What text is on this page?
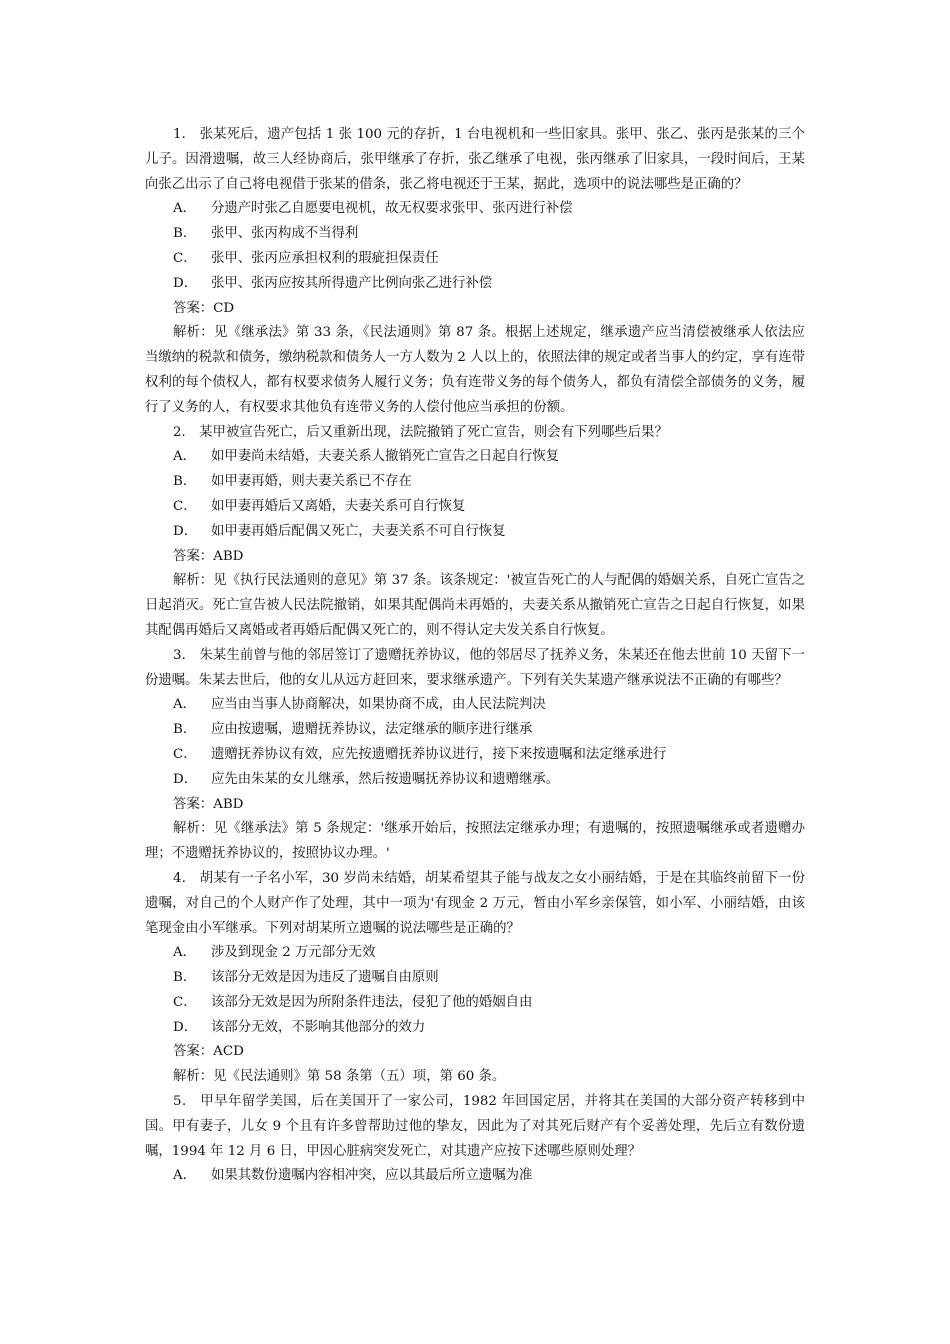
1． 张某死后，遗产包括 1 张 100 元的存折，1 台电视机和一些旧家具。张甲、张乙、张丙是张某的三个儿子。因滑遗嘱，故三人经协商后，张甲继承了存折，张乙继承了电视，张丙继承了旧家具，一段时间后，王某向张乙出示了自己将电视借于张某的借条，张乙将电视还于王某，据此，选项中的说法哪些是正确的？

A．	分遗产时张乙自愿要电视机，故无权要求张甲、张丙进行补偿
B．	张甲、张丙构成不当得利
C．	张甲、张丙应承担权利的瑕疵担保责任
D．	张甲、张丙应按其所得遗产比例向张乙进行补偿
答案：CD

解析：见《继承法》第 33 条，《民法通则》第 87 条。根据上述规定，继承遗产应当清偿被继承人依法应当缴纳的税款和债务，缴纳税款和债务人一方人数为 2 人以上的，依照法律的规定或者当事人的约定，享有连带权利的每个债权人，都有权要求债务人履行义务；负有连带义务的每个债务人，都负有清偿全部债务的义务，履行了义务的人，有权要求其他负有连带义务的人偿付他应当承担的份额。

2． 某甲被宣告死亡，后又重新出现，法院撤销了死亡宣告，则会有下列哪些后果？

A．	如甲妻尚未结婚，夫妻关系人撤销死亡宣告之日起自行恢复
B．	如甲妻再婚，则夫妻关系已不存在
C．	如甲妻再婚后又离婚，夫妻关系可自行恢复
D．	如甲妻再婚后配偶又死亡，夫妻关系不可自行恢复
答案：ABD

解析：见《执行民法通则的意见》第 37 条。该条规定：'被宣告死亡的人与配偶的婚姻关系，自死亡宣告之日起消灭。死亡宣告被人民法院撤销，如果其配偶尚未再婚的，夫妻关系从撤销死亡宣告之日起自行恢复，如果其配偶再婚后又离婚或者再婚后配偶又死亡的，则不得认定夫发关系自行恢复。

3． 朱某生前曾与他的邻居签订了遗赠抚养协议，他的邻居尽了抚养义务，朱某还在他去世前 10 天留下一份遗嘱。朱某去世后，他的女儿从远方赶回来，要求继承遗产。下列有关失某遗产继承说法不正确的有哪些？

A．	应当由当事人协商解决，如果协商不成，由人民法院判决
B．	应由按遗嘱，遗赠抚养协议，法定继承的顺序进行继承
C．	遗赠抚养协议有效，应先按遗赠抚养协议进行，接下来按遗嘱和法定继承进行
D．	应先由朱某的女儿继承，然后按遗嘱抚养协议和遗赠继承。
答案：ABD

解析：见《继承法》第 5 条规定：'继承开始后，按照法定继承办理；有遗嘱的，按照遗嘱继承或者遗赠办理；不遗赠抚养协议的，按照协议办理。'

4． 胡某有一子名小军，30 岁尚未结婚，胡某希望其子能与战友之女小丽结婚，于是在其临终前留下一份遗嘱，对自己的个人财产作了处理，其中一项为'有现金 2 万元，暂由小军乡亲保管，如小军、小丽结婚，由该笔现金由小军继承。下列对胡某所立遗嘱的说法哪些是正确的？

A．	涉及到现金 2 万元部分无效
B．	该部分无效是因为违反了遗嘱自由原则
C．	该部分无效是因为所附条件违法，侵犯了他的婚姻自由
D．	该部分无效，不影响其他部分的效力
答案：ACD
解析：见《民法通则》第 58 条第（五）项，第 60 条。

5． 甲早年留学美国，后在美国开了一家公司，1982 年回国定居，并将其在美国的大部分资产转移到中国。甲有妻子，儿女 9 个且有许多曾帮助过他的挚友，因此为了对其死后财产有个妥善处理，先后立有数份遗嘱，1994 年 12 月 6 日，甲因心脏病突发死亡，对其遗产应按下述哪些原则处理？

A．	如果其数份遗嘱内容相冲突，应以其最后所立遗嘱为准
